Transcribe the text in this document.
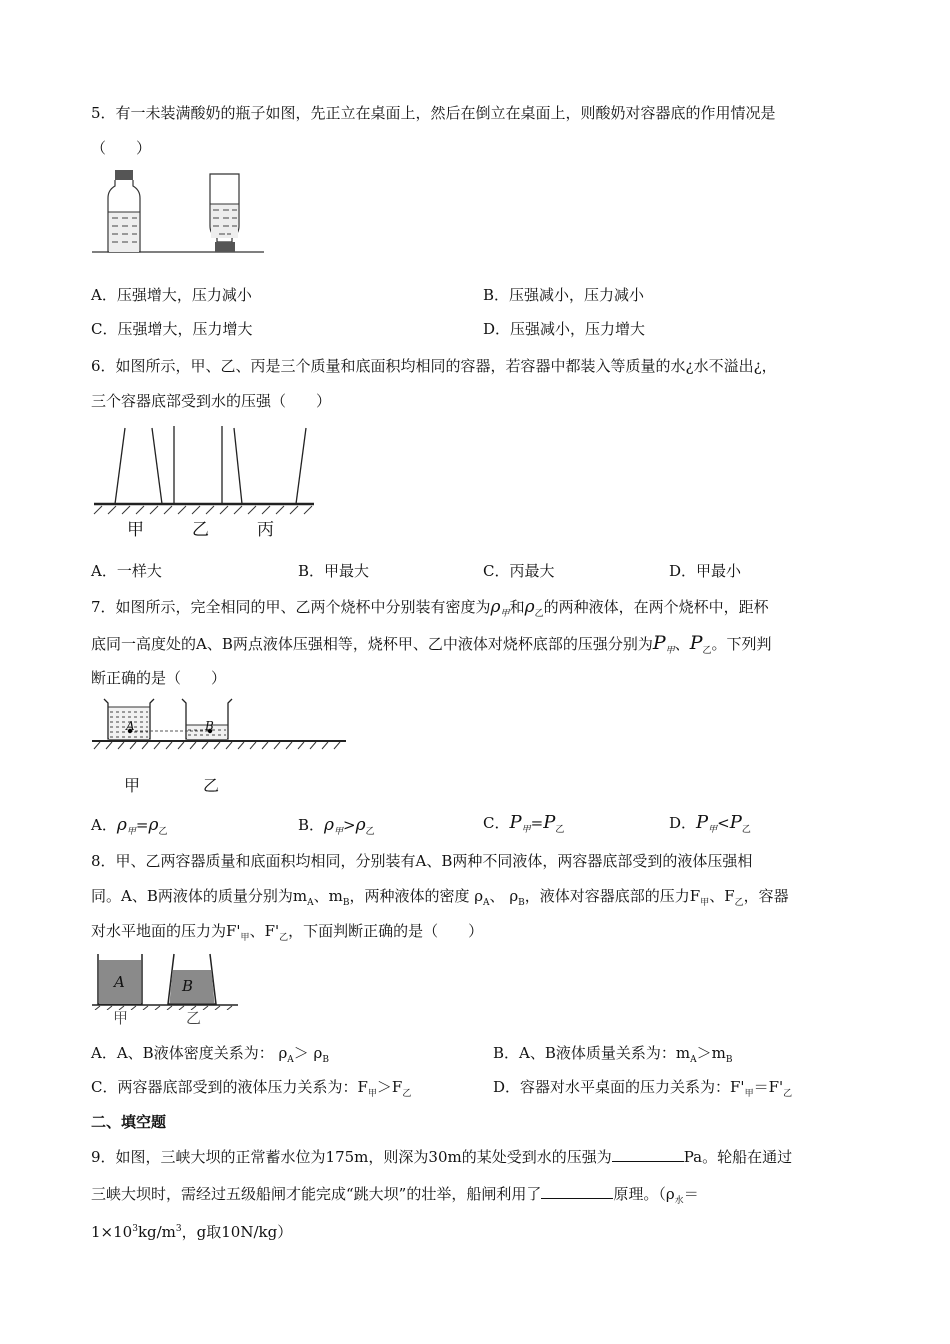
5．有一未装满酸奶的瓶子如图，先正立在桌面上，然后在倒立在桌面上，则酸奶对容器底的作用情况是
（　　）
A．压强增大，压力减小	B．压强减小，压力减小
C．压强增大，压力增大	D．压强减小，压力增大
6．如图所示，甲、乙、丙是三个质量和底面积均相同的容器，若容器中都装入等质量的水¿水不溢出¿，
三个容器底部受到水的压强（　　）
甲	乙	丙
A．一样大	B．甲最大	C．丙最大	D．甲最小
7．如图所示，完全相同的甲、乙两个烧杯中分别装有密度为$\rho_甲$和$\rho_乙$的两种液体，在两个烧杯中，距杯
底同一高度处的A、B两点液体压强相等，烧杯甲、乙中液体对烧杯底部的压强分别为$P_甲$、$P_乙$。下列判
断正确的是（　　）
A	B
甲	乙
A．$\rho_甲=\rho_乙$	B．$\rho_甲>\rho_乙$	C．$P_甲=P_乙$	D．$P_甲<P_乙$
8．甲、乙两容器质量和底面积均相同，分别装有A、B两种不同液体，两容器底部受到的液体压强相
同。A、B两液体的质量分别为$m_A$、$m_B$，两种液体的密度 $\rho_A$、 $\rho_B$，液体对容器底部的压力$F_甲$、$F_乙$，容器
对水平地面的压力为$F'_甲$、$F'_乙$，下面判断正确的是（　　）
A	B
甲	乙
A．A、B液体密度关系为： $\rho_A> \rho_B$	B．A、B液体质量关系为：$m_A>m_B$
C．两容器底部受到的液体压力关系为：$F_甲>F_乙$	D．容器对水平桌面的压力关系为：$F'_甲=F'_乙$
二、填空题
9．如图，三峡大坝的正常蓄水位为175m，则深为30m的某处受到水的压强为	Pa。轮船在通过
三峡大坝时，需经过五级船闸才能完成“跳大坝”的壮举，船闸利用了	原理。（$\rho_水=$
$1\times 10^3kg/m^3$，g取10N/kg）
